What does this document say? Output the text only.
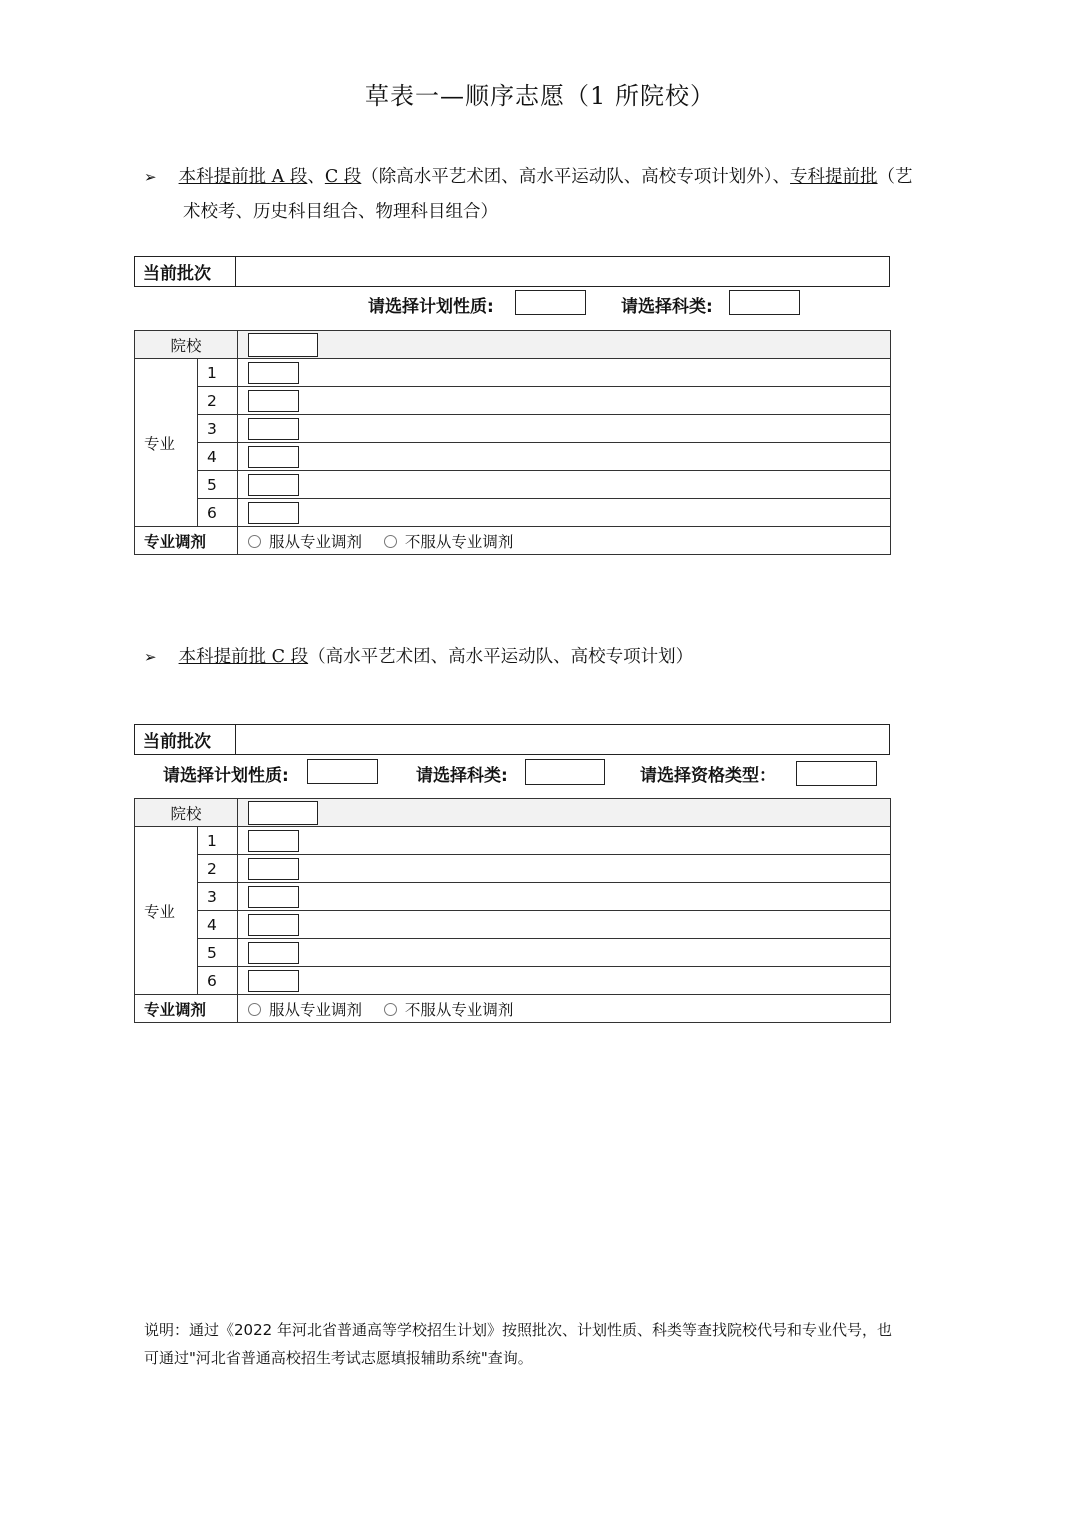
草表一—顺序志愿（1 所院校）
➢ 本科提前批 A 段、C 段（除高水平艺术团、高水平运动队、高校专项计划外）、专科提前批（艺
术校考、历史科目组合、物理科目组合）
当前批次
请选择计划性质:	请选择科类:
院校		

专业	1	

	2	

	3	

	4	

	5	

	6	

专业调剂		服从专业调剂 不服从专业调剂
➢ 本科提前批 C 段（高水平艺术团、高水平运动队、高校专项计划）
当前批次
请选择计划性质:	请选择科类:	请选择资格类型：
院校		

专业	1	

	2	

	3	

	4	

	5	

	6	

专业调剂		服从专业调剂 不服从专业调剂
说明：通过《2022 年河北省普通高等学校招生计划》按照批次、计划性质、科类等查找院校代号和专业代号，也
可通过"河北省普通高校招生考试志愿填报辅助系统"查询。
